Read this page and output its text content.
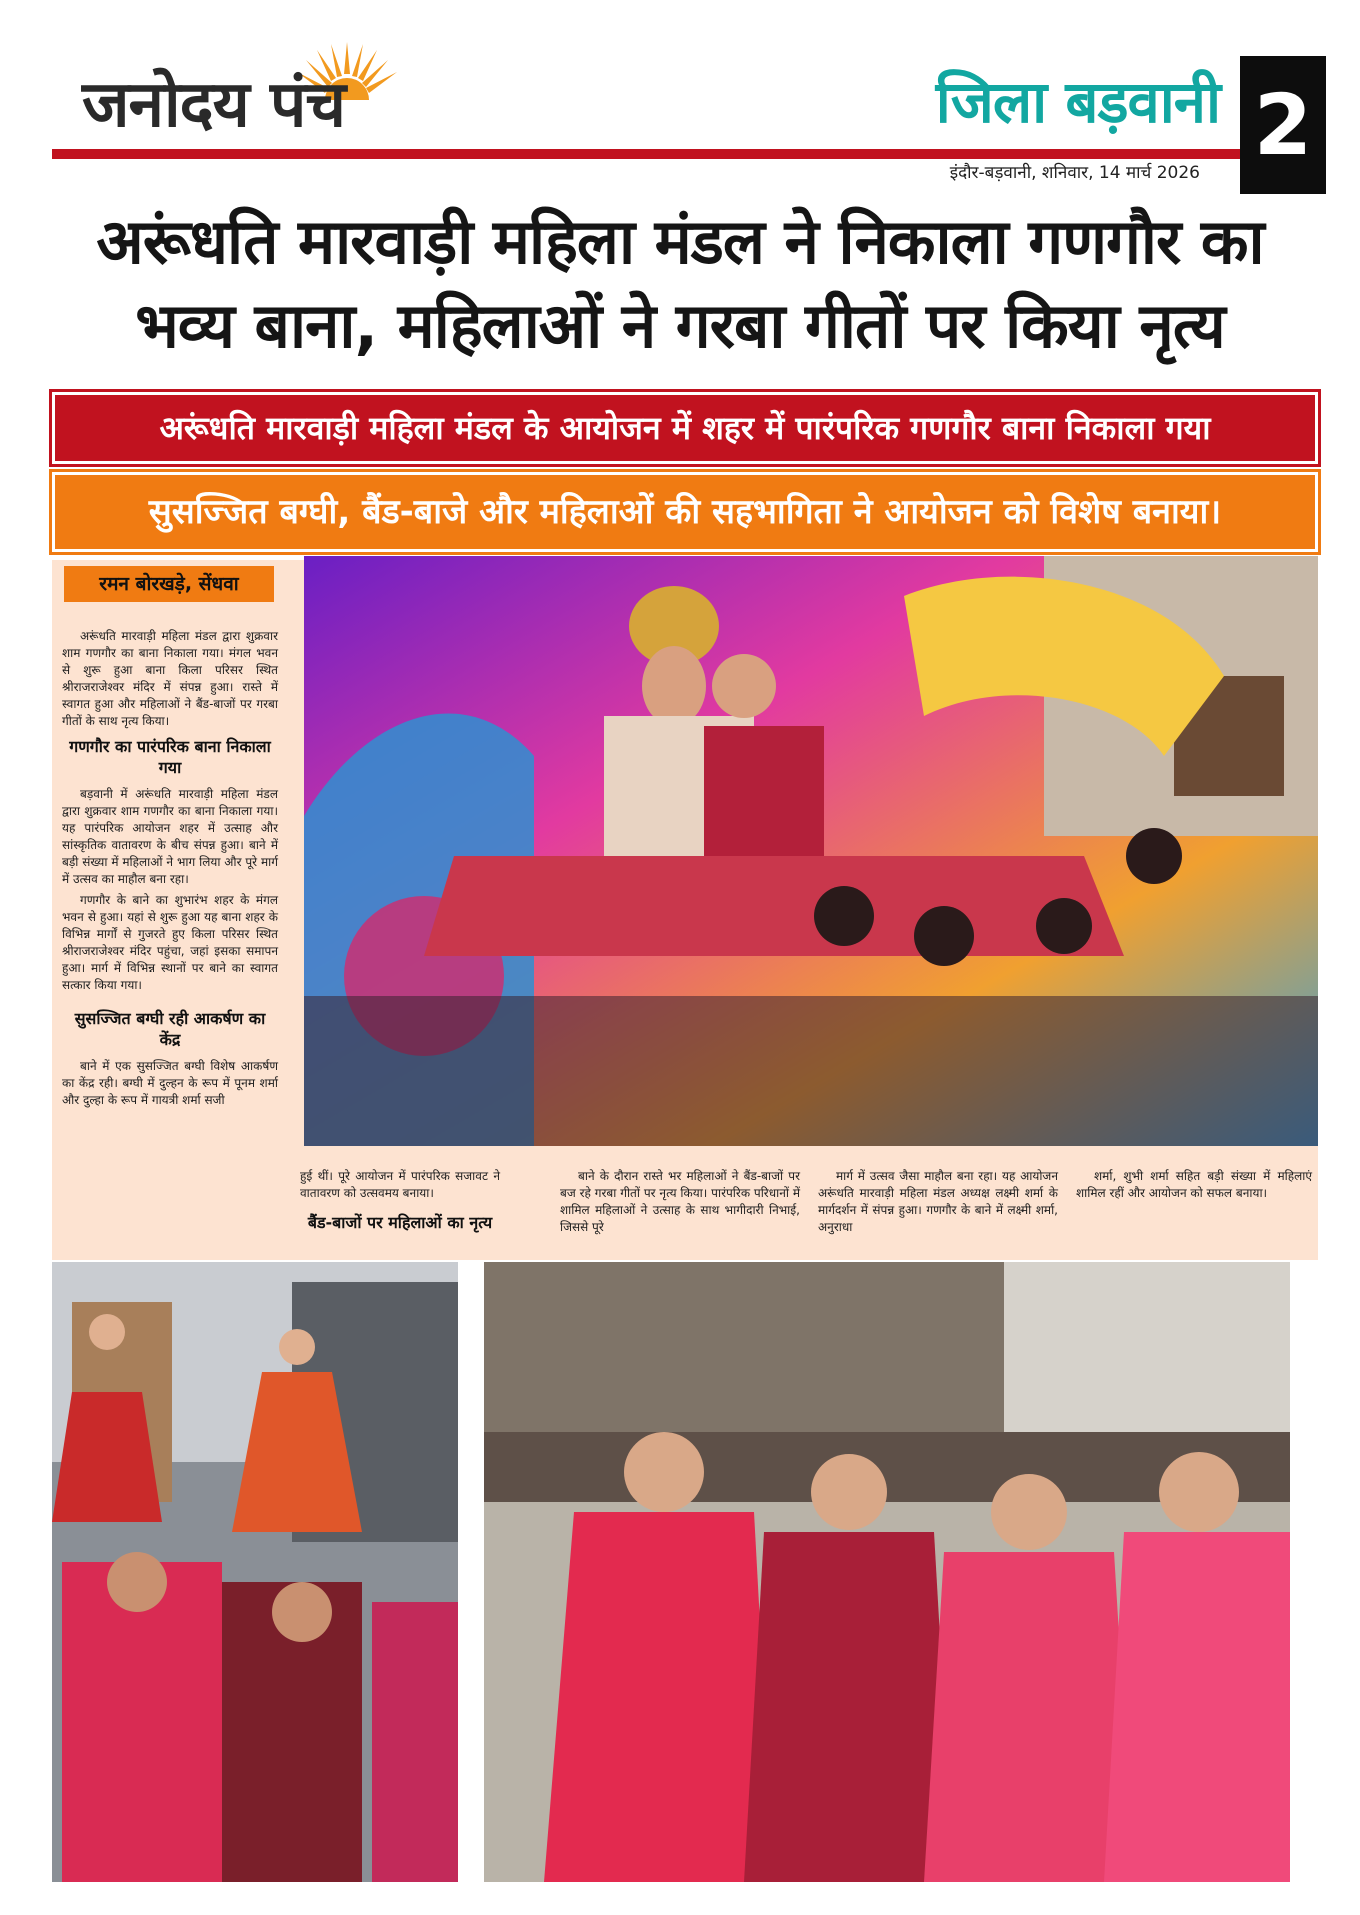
जनोदय पंच	जिला बड़वानी 2
इंदौर-बड़वानी, शनिवार, 14 मार्च 2026
अरूंधति मारवाड़ी महिला मंडल ने निकाला गणगौर का
भव्य बाना, महिलाओं ने गरबा गीतों पर किया नृत्य
अरूंधति मारवाड़ी महिला मंडल के आयोजन में शहर में पारंपरिक गणगौर बाना निकाला गया
सुसज्जित बग्घी, बैंड-बाजे और महिलाओं की सहभागिता ने आयोजन को विशेष बनाया।
रमन बोरखड़े, सेंधवा

अरूंधति मारवाड़ी महिला मंडल द्वारा शुक्रवार शाम गणगौर का बाना निकाला गया। मंगल भवन से शुरू हुआ बाना किला परिसर स्थित श्रीराजराजेश्वर मंदिर में संपन्न हुआ। रास्ते में स्वागत हुआ और महिलाओं ने बैंड-बाजों पर गरबा गीतों के साथ नृत्य किया।

गणगौर का पारंपरिक बाना निकाला गया

बड़वानी में अरूंधति मारवाड़ी महिला मंडल द्वारा शुक्रवार शाम गणगौर का बाना निकाला गया। यह पारंपरिक आयोजन शहर में उत्साह और सांस्कृतिक वातावरण के बीच संपन्न हुआ। बाने में बड़ी संख्या में महिलाओं ने भाग लिया और पूरे मार्ग में उत्सव का माहौल बना रहा।

गणगौर के बाने का शुभारंभ शहर के मंगल भवन से हुआ। यहां से शुरू हुआ यह बाना शहर के विभिन्न मार्गों से गुजरते हुए किला परिसर स्थित श्रीराजराजेश्वर मंदिर पहुंचा, जहां इसका समापन हुआ। मार्ग में विभिन्न स्थानों पर बाने का स्वागत सत्कार किया गया।

सुसज्जित बग्घी रही आकर्षण का केंद्र

बाने में एक सुसज्जित बग्घी विशेष आकर्षण का केंद्र रही। बग्घी में दुल्हन के रूप में पूनम शर्मा और दुल्हा के रूप में गायत्री शर्मा सजी

हुई थीं। पूरे आयोजन में पारंपरिक सजावट ने वातावरण को उत्सवमय बनाया।

बैंड-बाजों पर महिलाओं का नृत्य

बाने के दौरान रास्ते भर महिलाओं ने बैंड-बाजों पर बज रहे गरबा गीतों पर नृत्य किया। पारंपरिक परिधानों में शामिल महिलाओं ने उत्साह के साथ भागीदारी निभाई, जिससे पूरे

मार्ग में उत्सव जैसा माहौल बना रहा। यह आयोजन अरूंधति मारवाड़ी महिला मंडल अध्यक्ष लक्ष्मी शर्मा के मार्गदर्शन में संपन्न हुआ। गणगौर के बाने में लक्ष्मी शर्मा, अनुराधा

शर्मा, शुभी शर्मा सहित बड़ी संख्या में महिलाएं शामिल रहीं और आयोजन को सफल बनाया।
